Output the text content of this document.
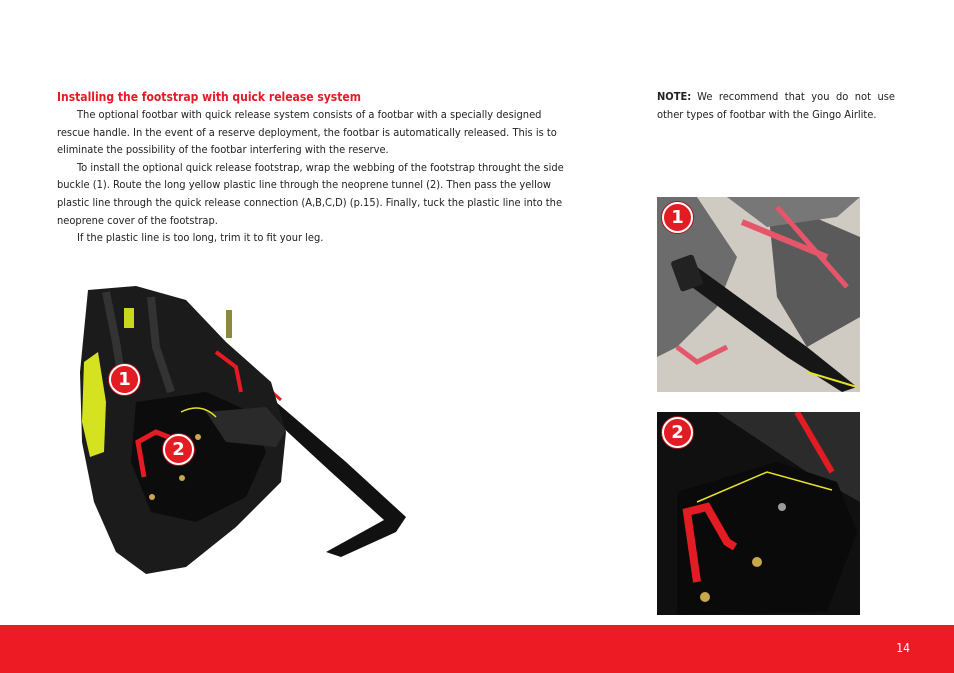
Installing the footstrap with quick release system

The optional footbar with quick release system consists of a footbar with a specially designed rescue handle. In the event of a reserve deployment, the footbar is automatically released. This is to eliminate the possibility of the footbar interfering with the reserve.

To install the optional quick release footstrap, wrap the webbing of the footstrap throught the side buckle (1). Route the long yellow plastic line through the neoprene tunnel (2). Then pass the yellow plastic line through the quick release connection (A,B,C,D) (p.15). Finally, tuck the plastic line into the neoprene cover of the footstrap.

If the plastic line is too long, trim it to fit your leg.

NOTE: We recommend that you do not use other types of footbar with the Gingo Airlite.
1
2
1
2
14
